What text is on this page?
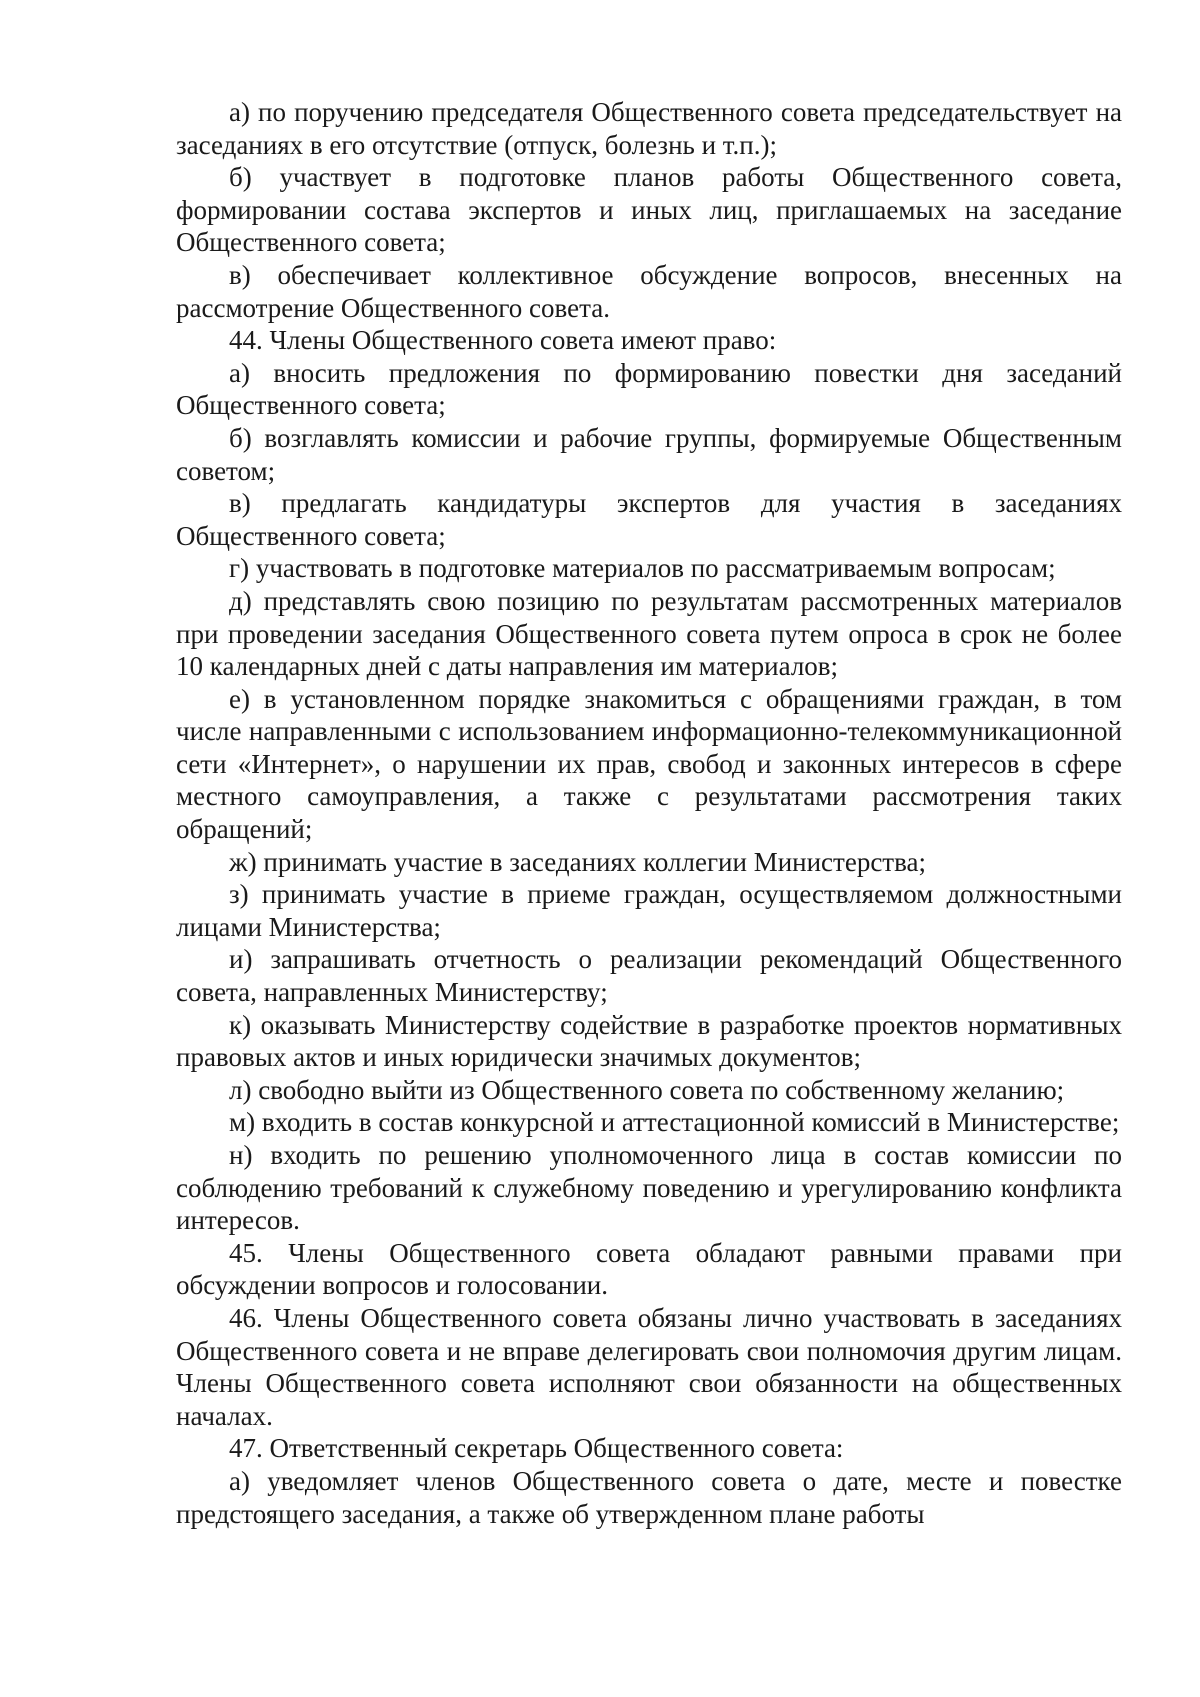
а) по поручению председателя Общественного совета председательствует на заседаниях в его отсутствие (отпуск, болезнь и т.п.);

б) участвует в подготовке планов работы Общественного совета, формировании состава экспертов и иных лиц, приглашаемых на заседание Общественного совета;

в) обеспечивает коллективное обсуждение вопросов, внесенных на рассмотрение Общественного совета.

44. Члены Общественного совета имеют право:

а) вносить предложения по формированию повестки дня заседаний Общественного совета;

б) возглавлять комиссии и рабочие группы, формируемые Общественным советом;

в) предлагать кандидатуры экспертов для участия в заседаниях Общественного совета;

г) участвовать в подготовке материалов по рассматриваемым вопросам;

д) представлять свою позицию по результатам рассмотренных материалов при проведении заседания Общественного совета путем опроса в срок не более 10 календарных дней с даты направления им материалов;

е) в установленном порядке знакомиться с обращениями граждан, в том числе направленными с использованием информационно-телекоммуникационной сети «Интернет», о нарушении их прав, свобод и законных интересов в сфере местного самоуправления, а также с результатами рассмотрения таких обращений;

ж) принимать участие в заседаниях коллегии Министерства;

з) принимать участие в приеме граждан, осуществляемом должностными лицами Министерства;

и) запрашивать отчетность о реализации рекомендаций Общественного совета, направленных Министерству;

к) оказывать Министерству содействие в разработке проектов нормативных правовых актов и иных юридически значимых документов;

л) свободно выйти из Общественного совета по собственному желанию;

м) входить в состав конкурсной и аттестационной комиссий в Министерстве;

н) входить по решению уполномоченного лица в состав комиссии по соблюдению требований к служебному поведению и урегулированию конфликта интересов.

45. Члены Общественного совета обладают равными правами при обсуждении вопросов и голосовании.

46. Члены Общественного совета обязаны лично участвовать в заседаниях Общественного совета и не вправе делегировать свои полномочия другим лицам. Члены Общественного совета исполняют свои обязанности на общественных началах.

47. Ответственный секретарь Общественного совета:

а) уведомляет членов Общественного совета о дате, месте и повестке предстоящего заседания, а также об утвержденном плане работы
